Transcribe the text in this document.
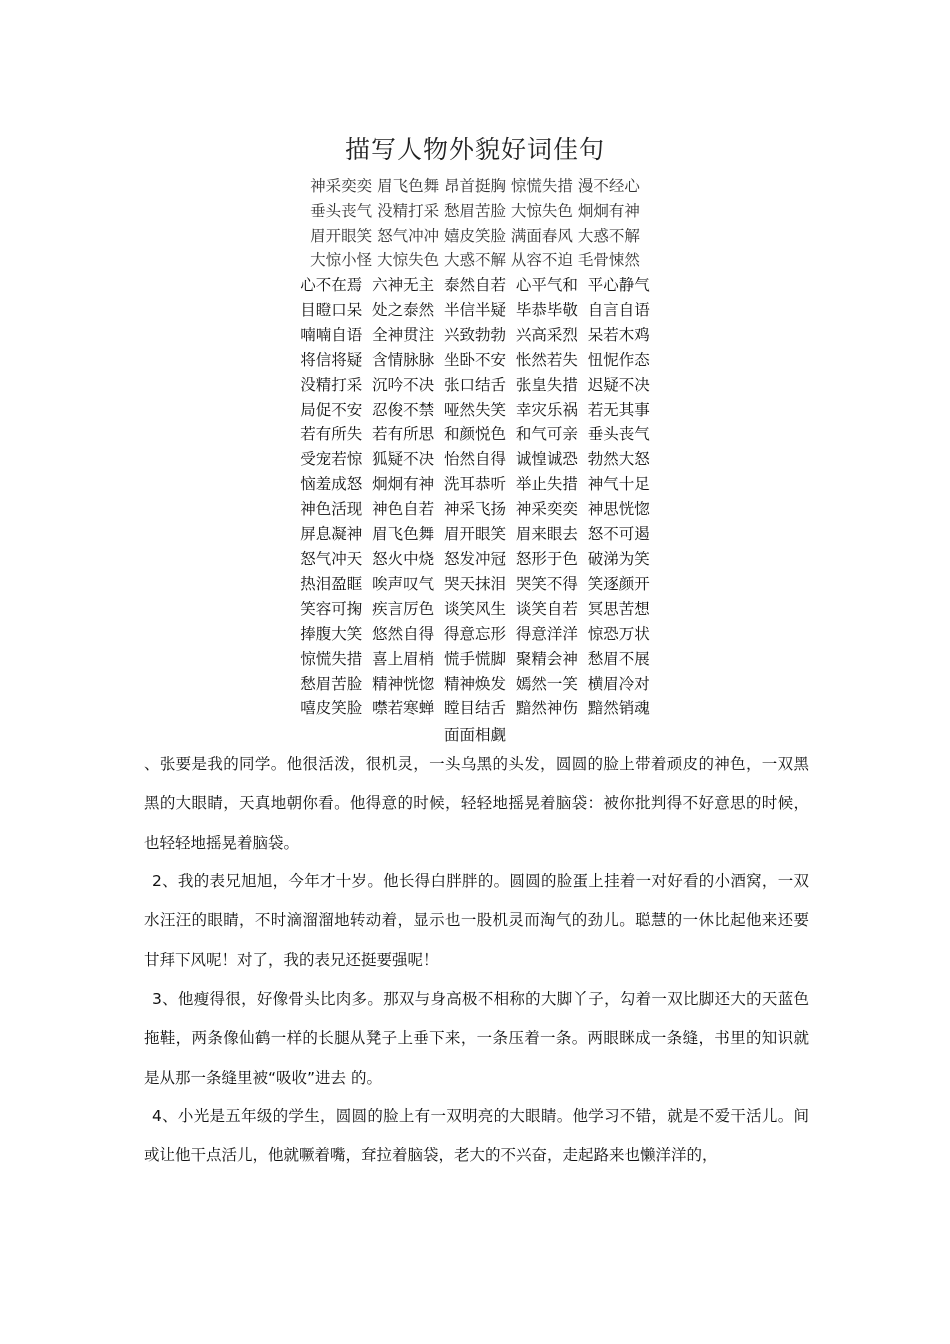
描写人物外貌好词佳句
神采奕奕 眉飞色舞 昂首挺胸 惊慌失措 漫不经心
垂头丧气 没精打采 愁眉苦脸 大惊失色 炯炯有神
眉开眼笑 怒气冲冲 嬉皮笑脸 满面春风 大惑不解
大惊小怪 大惊失色 大惑不解 从容不迫 毛骨悚然
心不在焉  六神无主  泰然自若  心平气和  平心静气
目瞪口呆  处之泰然  半信半疑  毕恭毕敬  自言自语
喃喃自语  全神贯注  兴致勃勃  兴高采烈  呆若木鸡
将信将疑  含情脉脉  坐卧不安  怅然若失  忸怩作态
没精打采  沉吟不决  张口结舌  张皇失措  迟疑不决
局促不安  忍俊不禁  哑然失笑  幸灾乐祸  若无其事
若有所失  若有所思  和颜悦色  和气可亲  垂头丧气
受宠若惊  狐疑不决  怡然自得  诚惶诚恐  勃然大怒
恼羞成怒  炯炯有神  洗耳恭听  举止失措  神气十足
神色活现  神色自若  神采飞扬  神采奕奕  神思恍惚
屏息凝神  眉飞色舞  眉开眼笑  眉来眼去  怒不可遏
怒气冲天  怒火中烧  怒发冲冠  怒形于色  破涕为笑
热泪盈眶  唉声叹气  哭天抹泪  哭笑不得  笑逐颜开
笑容可掬  疾言厉色  谈笑风生  谈笑自若  冥思苦想
捧腹大笑  悠然自得  得意忘形  得意洋洋  惊恐万状
惊慌失措  喜上眉梢  慌手慌脚  聚精会神  愁眉不展
愁眉苦脸  精神恍惚  精神焕发  嫣然一笑  横眉冷对
嘻皮笑脸  噤若寒蝉  瞠目结舌  黯然神伤  黯然销魂
面面相觑
、张要是我的同学。他很活泼，很机灵，一头乌黑的头发，圆圆的脸上带着顽皮的神色，一双黑黑的大眼睛，天真地朝你看。他得意的时候，轻轻地摇晃着脑袋：被你批判得不好意思的时候，也轻轻地摇晃着脑袋。
2、我的表兄旭旭，今年才十岁。他长得白胖胖的。圆圆的脸蛋上挂着一对好看的小酒窝，一双水汪汪的眼睛，不时滴溜溜地转动着，显示也一股机灵而淘气的劲儿。聪慧的一休比起他来还要甘拜下风呢！对了，我的表兄还挺要强呢！
3、他瘦得很，好像骨头比肉多。那双与身高极不相称的大脚丫子，勾着一双比脚还大的天蓝色拖鞋，两条像仙鹤一样的长腿从凳子上垂下来，一条压着一条。两眼眯成一条缝，书里的知识就是从那一条缝里被“吸收”进去 的。
4、小光是五年级的学生，圆圆的脸上有一双明亮的大眼睛。他学习不错，就是不爱干活儿。间或让他干点活儿，他就噘着嘴，耷拉着脑袋，老大的不兴奋，走起路来也懒洋洋的，
